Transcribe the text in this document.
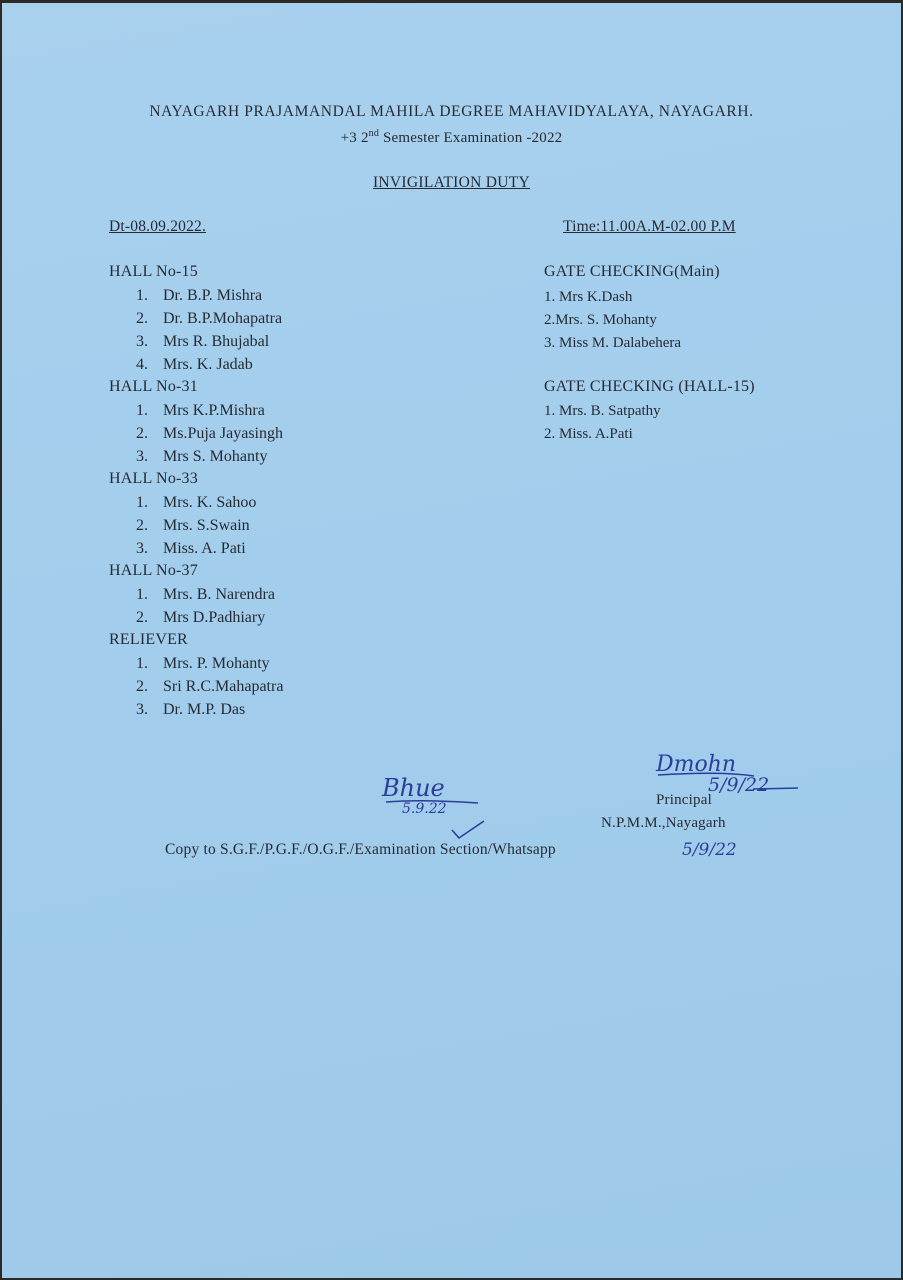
NAYAGARH PRAJAMANDAL MAHILA DEGREE MAHAVIDYALAYA, NAYAGARH.
+3 2nd Semester Examination -2022
INVIGILATION DUTY
Dt-08.09.2022.	Time:11.00A.M-02.00 P.M
HALL No-15
1. Dr. B.P. Mishra
2. Dr. B.P.Mohapatra
3. Mrs R. Bhujabal
4. Mrs. K. Jadab
HALL No-31
1. Mrs K.P.Mishra
2. Ms.Puja Jayasingh
3. Mrs S. Mohanty
HALL No-33
1. Mrs. K. Sahoo
2. Mrs. S.Swain
3. Miss. A. Pati
HALL No-37
1. Mrs. B. Narendra
2. Mrs D.Padhiary
RELIEVER
1. Mrs. P. Mohanty
2. Sri R.C.Mahapatra
3. Dr. M.P. Das
GATE CHECKING(Main)
1. Mrs K.Dash
2.Mrs. S. Mohanty
3. Miss M. Dalabehera
GATE CHECKING (HALL-15)
1. Mrs. B. Satpathy
2. Miss. A.Pati
Bhue
5.9.22
Dmohn
5/9/22
Principal
N.P.M.M.,Nayagarh
5/9/22
Copy to S.G.F./P.G.F./O.G.F./Examination Section/Whatsapp
